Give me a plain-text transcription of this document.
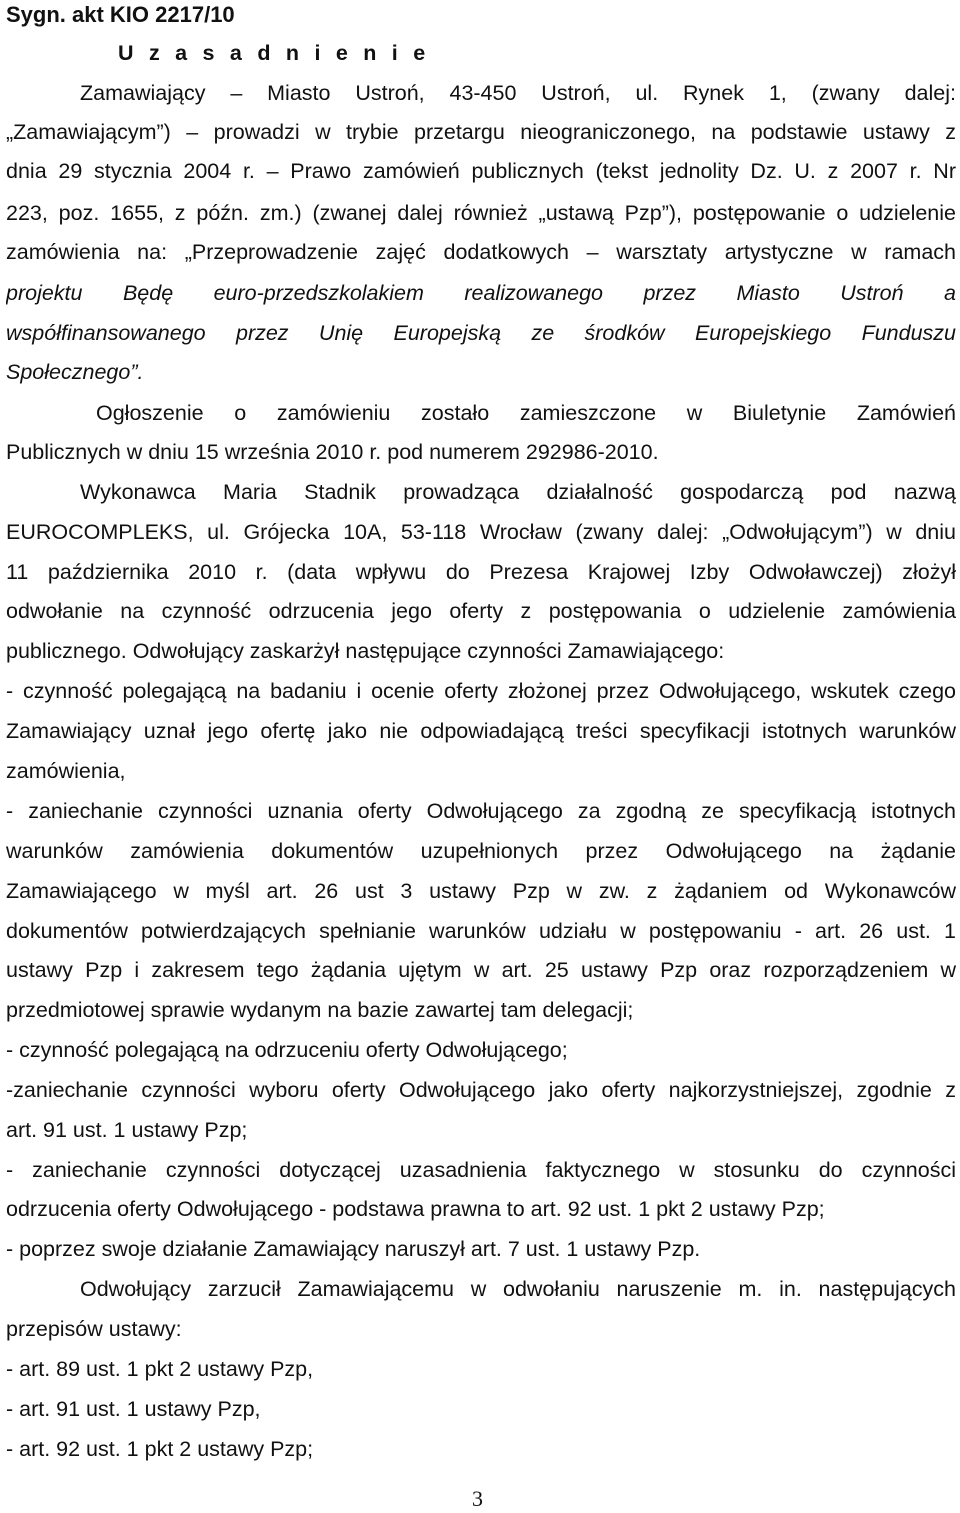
Sygn. akt KIO 2217/10
U z a s a d n i e n i e
Zamawiający – Miasto Ustroń, 43-450 Ustroń, ul. Rynek 1, (zwany dalej:
„Zamawiającym”) – prowadzi w trybie przetargu nieograniczonego, na podstawie ustawy z
dnia 29 stycznia 2004 r. – Prawo zamówień publicznych (tekst jednolity Dz. U. z 2007 r. Nr
223, poz. 1655, z późn. zm.) (zwanej dalej również „ustawą Pzp”), postępowanie o udzielenie
zamówienia na: „Przeprowadzenie zajęć dodatkowych – warsztaty artystyczne w ramach
projektu Będę euro-przedszkolakiem realizowanego przez Miasto Ustroń a
współfinansowanego przez Unię Europejską ze środków Europejskiego Funduszu
Społecznego”.
Ogłoszenie o zamówieniu zostało zamieszczone w Biuletynie Zamówień
Publicznych w dniu 15 września 2010 r. pod numerem 292986-2010.
Wykonawca Maria Stadnik prowadząca działalność gospodarczą pod nazwą
EUROCOMPLEKS, ul. Grójecka 10A, 53-118 Wrocław (zwany dalej: „Odwołującym”) w dniu
11 października 2010 r. (data wpływu do Prezesa Krajowej Izby Odwoławczej) złożył
odwołanie na czynność odrzucenia jego oferty z postępowania o udzielenie zamówienia
publicznego. Odwołujący zaskarżył następujące czynności Zamawiającego:
- czynność polegającą na badaniu i ocenie oferty złożonej przez Odwołującego, wskutek czego
Zamawiający uznał jego ofertę jako nie odpowiadającą treści specyfikacji istotnych warunków
zamówienia,
- zaniechanie czynności uznania oferty Odwołującego za zgodną ze specyfikacją istotnych
warunków zamówienia dokumentów uzupełnionych przez Odwołującego na żądanie
Zamawiającego w myśl art. 26 ust 3 ustawy Pzp w zw. z żądaniem od Wykonawców
dokumentów potwierdzających spełnianie warunków udziału w postępowaniu - art. 26 ust. 1
ustawy Pzp i zakresem tego żądania ujętym w art. 25 ustawy Pzp oraz rozporządzeniem w
przedmiotowej sprawie wydanym na bazie zawartej tam delegacji;
- czynność polegającą na odrzuceniu oferty Odwołującego;
-zaniechanie czynności wyboru oferty Odwołującego jako oferty najkorzystniejszej, zgodnie z
art. 91 ust. 1 ustawy Pzp;
- zaniechanie czynności dotyczącej uzasadnienia faktycznego w stosunku do czynności
odrzucenia oferty Odwołującego - podstawa prawna to art. 92 ust. 1 pkt 2 ustawy Pzp;
- poprzez swoje działanie Zamawiający naruszył art. 7 ust. 1 ustawy Pzp.
Odwołujący zarzucił Zamawiającemu w odwołaniu naruszenie m. in. następujących
przepisów ustawy:
- art. 89 ust. 1 pkt 2 ustawy Pzp,
- art. 91 ust. 1 ustawy Pzp,
- art. 92 ust. 1 pkt 2 ustawy Pzp;
3
